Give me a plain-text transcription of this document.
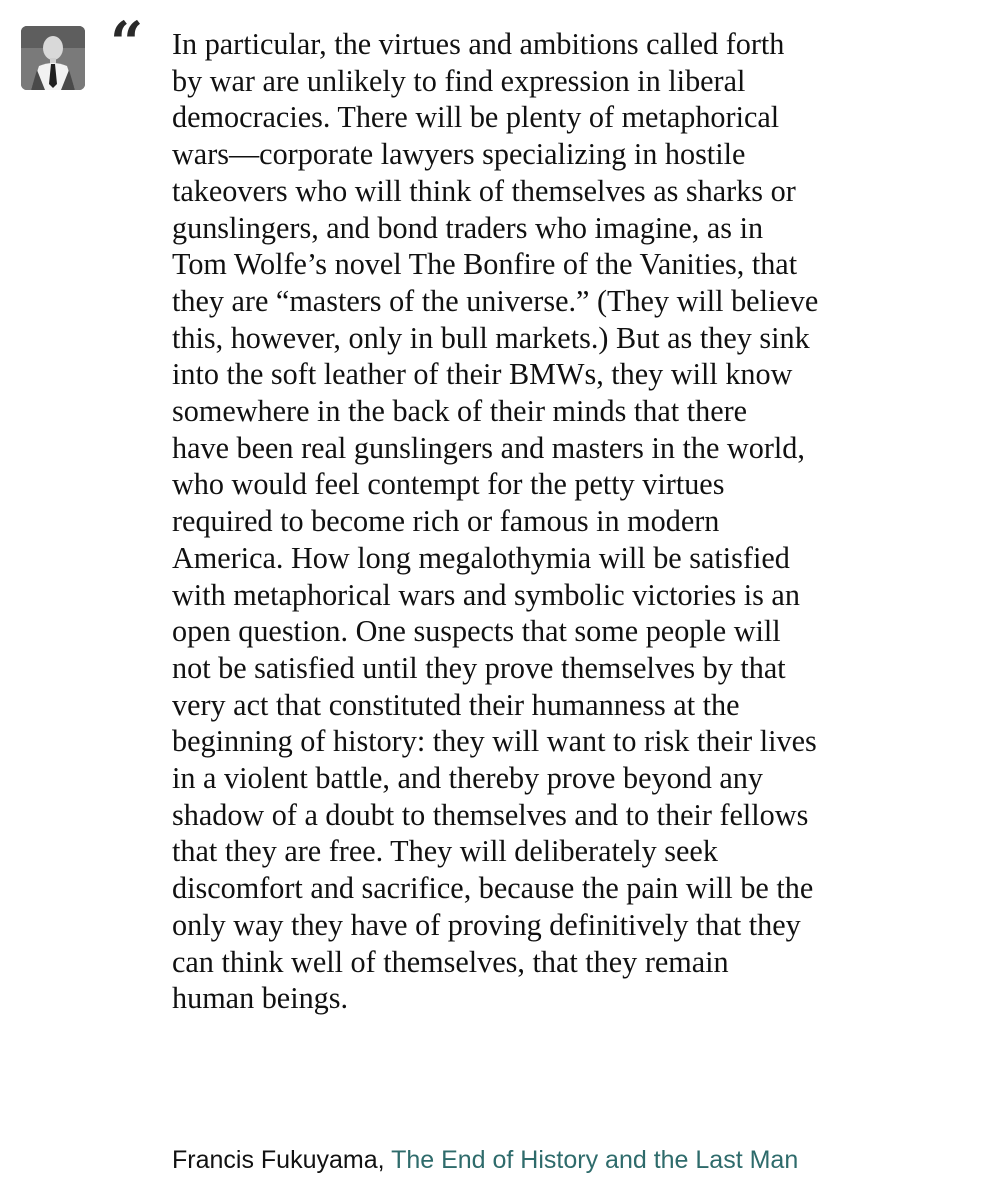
“ In particular, the virtues and ambitions called forth
by war are unlikely to find expression in liberal
democracies. There will be plenty of metaphorical
wars—corporate lawyers specializing in hostile
takeovers who will think of themselves as sharks or
gunslingers, and bond traders who imagine, as in
Tom Wolfe’s novel The Bonfire of the Vanities, that
they are “masters of the universe.” (They will believe
this, however, only in bull markets.) But as they sink
into the soft leather of their BMWs, they will know
somewhere in the back of their minds that there
have been real gunslingers and masters in the world,
who would feel contempt for the petty virtues
required to become rich or famous in modern
America. How long megalothymia will be satisfied
with metaphorical wars and symbolic victories is an
open question. One suspects that some people will
not be satisfied until they prove themselves by that
very act that constituted their humanness at the
beginning of history: they will want to risk their lives
in a violent battle, and thereby prove beyond any
shadow of a doubt to themselves and to their fellows
that they are free. They will deliberately seek
discomfort and sacrifice, because the pain will be the
only way they have of proving definitively that they
can think well of themselves, that they remain
human beings.

Francis Fukuyama, The End of History and the Last Man
